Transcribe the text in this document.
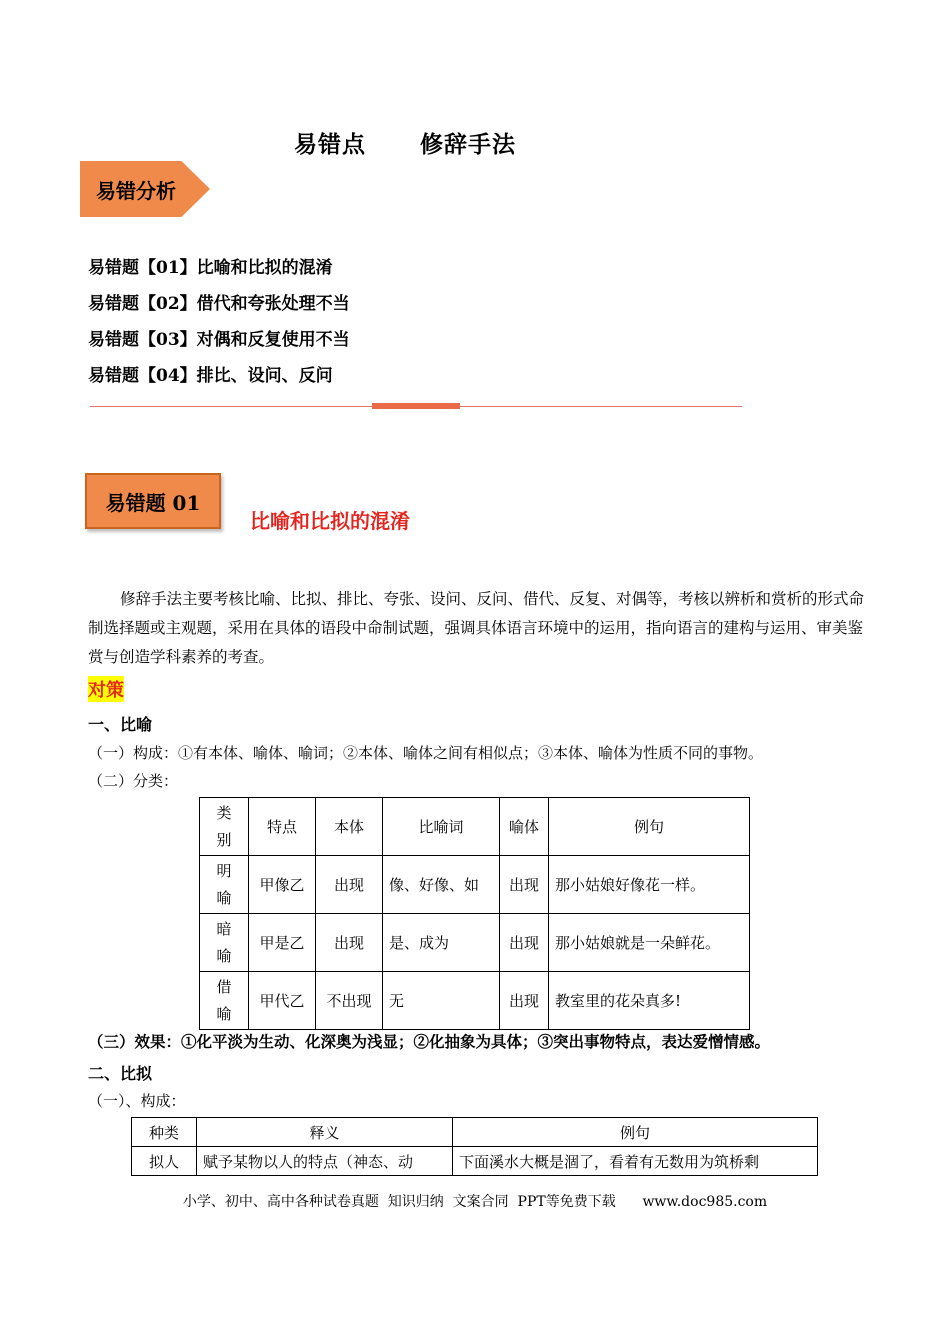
易错点      修辞手法
易错分析
易错题【01】比喻和比拟的混淆
易错题【02】借代和夸张处理不当
易错题【03】对偶和反复使用不当
易错题【04】排比、设问、反问
易错题 01
比喻和比拟的混淆

修辞手法主要考核比喻、比拟、排比、夸张、设问、反问、借代、反复、对偶等，考核以辨析和赏析的形式命制选择题或主观题，采用在具体的语段中命制试题，强调具体语言环境中的运用，指向语言的建构与运用、审美鉴赏与创造学科素养的考查。

对策
一、比喻
（一）构成：①有本体、喻体、喻词；②本体、喻体之间有相似点；③本体、喻体为性质不同的事物。
（二）分类：
类
别	特点	本体	比喻词	喻体	例句
明
喻	甲像乙	出现	像、好像、如	出现	那小姑娘好像花一样。
暗
喻	甲是乙	出现	是、成为	出现	那小姑娘就是一朵鲜花。
借
喻	甲代乙	不出现	无	出现	教室里的花朵真多!
（三）效果：①化平淡为生动、化深奥为浅显；②化抽象为具体；③突出事物特点，表达爱憎情感。
二、比拟
（一）、构成：
种类	释义	例句
拟人	赋予某物以人的特点（神态、动	下面溪水大概是涸了，看着有无数用为筑桥剩
小学、初中、高中各种试卷真题  知识归纳  文案合同  PPT等免费下载      www.doc985.com
